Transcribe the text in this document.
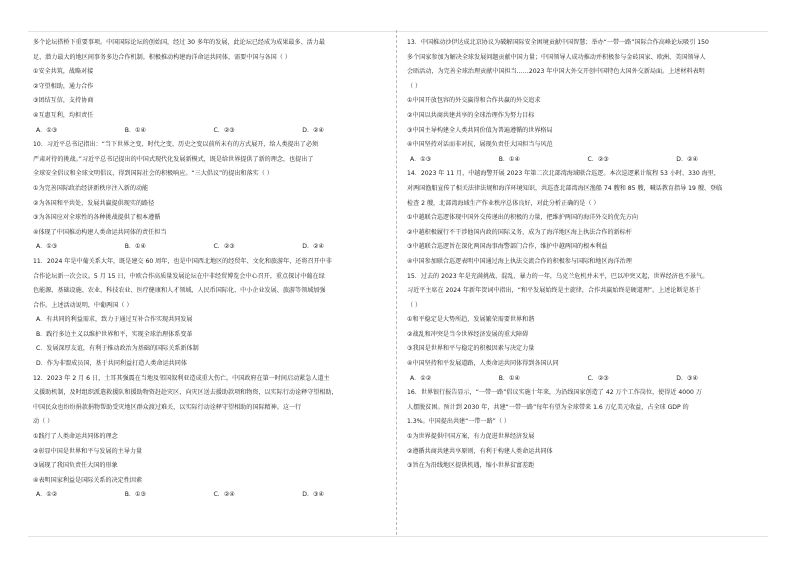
多个论坛搭桥下重要事项。中国国际论坛的创始国，经过 30 多年的发展，此论坛已经成为成果最多、活力最

足、潜力最大的地区间事务多边合作机制。积极推动构建海洋命运共同体，需要中国与各国（ ）

①安全共筑，战略对接

②守望相助，通力合作

③团结互信，支持协商

④互惠互利，均担责任

A．①③	B．①④	C．②③	D．②④

10．习近平总书记指出：“当下世界之变、时代之变、历史之变以前所未有的方式展开，给人类提出了必须

严肃对待的挑战。”习近平总书记提出的中国式现代化发展新模式，既是给世界提供了新的理念，也提出了

全球安全倡议和全球文明倡议，得到国际社会的积极响应。“三大倡议”的提出和落实（ ）

①为完善国际政治经济新秩序注入新的动能

②为各国和平共处、发展共赢提供现实的路径

③为各国应对全球性的各种挑战提供了根本遵循

④体现了中国推动构建人类命运共同体的责任担当

A．①③	B．①④	C．②③	D．②④

11．2024 年是中葡关系大年，既是建交 60 周年，也是中国西北地区的经贸年、文化和旅游年，还将召开中非

合作论坛新一次会议。5 月 15 日，中欧合作高质量发展论坛在中非经贸博览会中心召开，重点探讨中葡在绿

色能源、基础设施、农业、科技农业、医疗健康和人才领域、人民币国际化、中小企业发展、旅游等领域加强

合作。上述活动说明，中葡两国（ ）

A．有共同的利益需求，致力于通过互补合作实现共同发展

B．践行多边主义以维护世界和平，实现全球治理体系变革

C．发展深厚友谊，有利于推动政治为基础的国际关系新体制

D．作为非盟成员国，基于共同利益打造人类命运共同体

12．2023 年 2 月 6 日，土耳其强震在当地及邻国叙利亚造成重大伤亡。中国政府在第一时间启动紧急人道主

义援助机制，及时组织派遣救援队和援助物资赶赴灾区，向灾区送去援助款项和物资，以实际行动诠释守望相助，

中国民众也纷纷捐款捐物帮助受灾地区群众渡过难关，以实际行动诠释守望相助的国际精神。这一行

动（ ）

①践行了人类命运共同体的理念

②彰显中国是世界和平与发展的主导力量

③展现了我国负责任大国的形象

④表明国家利益是国际关系的决定性因素

A．①②	B．①③	C．②④	D．③④

13．中国推动沙伊达成北京协议为破解国际安全困境贡献中国智慧；举办“一带一路”国际合作高峰论坛吸引 150

多个国家参加为解决全球发展问题贡献中国力量；中国领导人成功推动并积极参与金砖国家、欧洲、美国领导人

会晤活动，为完善全球治理贡献中国担当……2023 年中国大外交开创中国特色大国外交新局面。上述材料表明

（ ）

①中国开放包容的外交赢得和合作共赢的外交追求

②中国以共商共建共享的全球治理作为努力目标

③中国主导构建全人类共同价值为普遍遵循的世界格局

④中国坚持对话而非对抗，展现负责任大国担当与风范

A．①③	B．①④	C．②③	D．②④

14．2023 年 11 月，中越海警开展 2023 年第二次北部湾海域联合巡逻。本次巡逻累计航程 53 小时、330 海里，

对两国渔船宣传了相关法律法规和海洋环境知识，共巡查北部湾海区渔船 74 艘和 85 艘，喊话教育指导 19 艘、登临

检查 2 艘，北部湾海域生产作业秩序总体良好，对此分析正确的是（ ）

①中越联合巡逻体现中国外交传递出的积极的力量，把维护两国的海洋外交的优先方向

②中越积极履行不干涉他国内政的国际义务，成为了海洋地区海上执法合作的新标杆

③中越联合巡逻旨在深化两国海事海警部门合作，维护中越两国的根本利益

④中国参加联合巡逻表明中国通过海上执法交流合作的积极参与国际和地区海洋治理

15．过去的 2023 年是充满挑战、混乱、暴力的一年，乌克兰危机并未平，巴以冲突又起，世界经济也不景气。

习近平主席在 2024 年新年贺词中指出，“和平发展始终是主旋律，合作共赢始终是硬道理”。上述论断是基于

（ ）

①和平稳定是大势所趋，发展繁荣需要世界和谐

②战乱和冲突是当今世界经济发展的重大障碍

③我国是世界和平与稳定的积极因素与决定力量

④中国坚持和平发展道路，人类命运共同体得到各国认同

A．①②	B．①④	C．②③	D．③④

16．世界银行报告显示，“一带一路”倡议实施十年来，为沿线国家创造了 42 万个工作岗位，使得近 4000 万

人摆脱贫困。预计到 2030 年，共建“一带一路”每年有望为全球带来 1.6 万亿美元收益，占全球 GDP 的

1.3%。中国提出共建“一带一路”（ ）

①为世界提供中国方案，有力促进世界经济发展

②遵循共商共建共享原则，有利于构建人类命运共同体

③旨在为沿线地区提供机遇，缩小世界贫富差距
